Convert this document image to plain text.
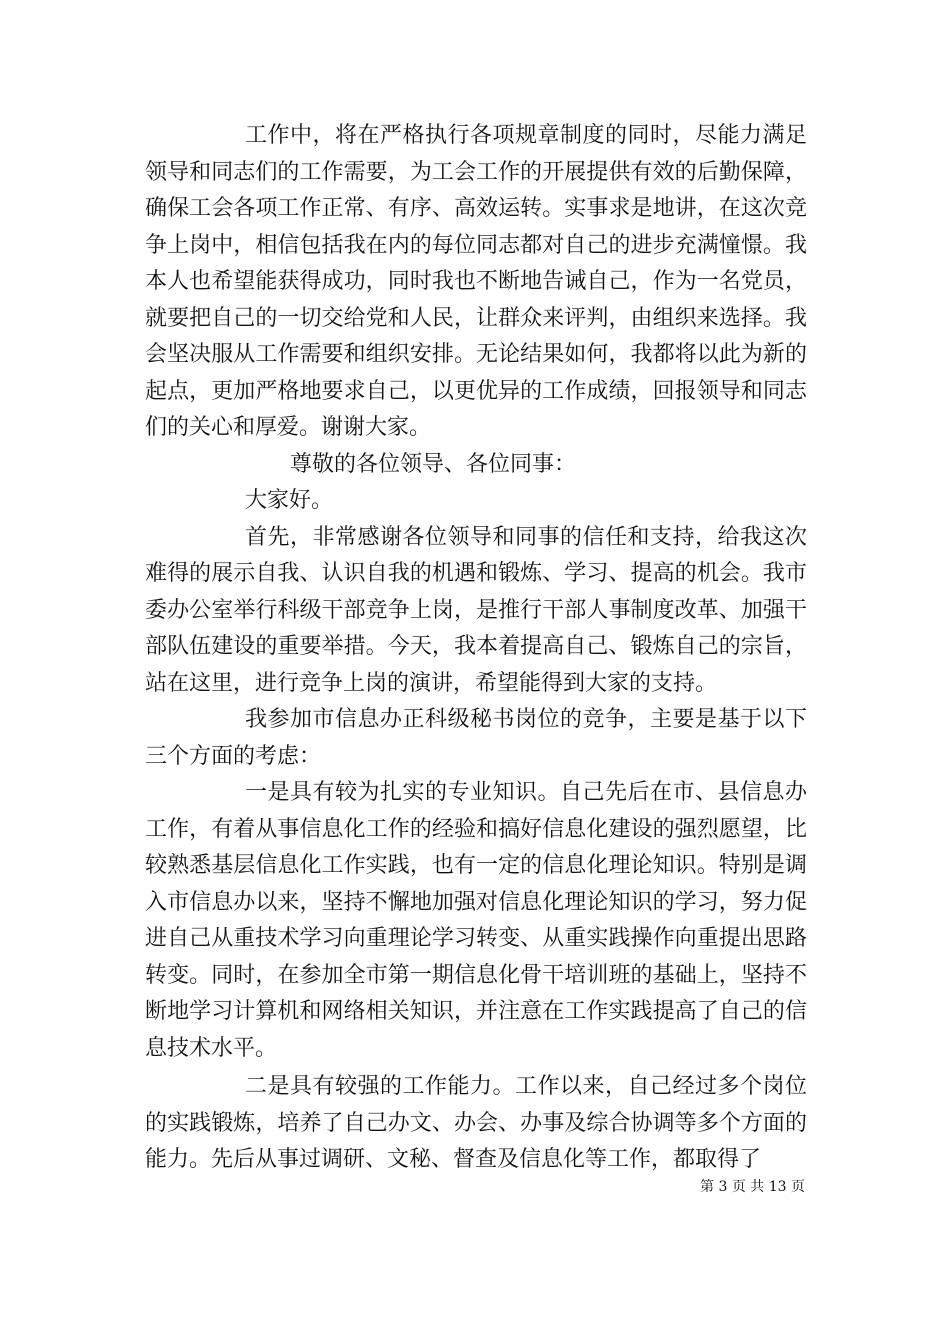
工作中，将在严格执行各项规章制度的同时，尽能力满足领导和同志们的工作需要，为工会工作的开展提供有效的后勤保障，确保工会各项工作正常、有序、高效运转。实事求是地讲，在这次竞争上岗中，相信包括我在内的每位同志都对自己的进步充满憧憬。我本人也希望能获得成功，同时我也不断地告诫自己，作为一名党员，就要把自己的一切交给党和人民，让群众来评判，由组织来选择。我会坚决服从工作需要和组织安排。无论结果如何，我都将以此为新的起点，更加严格地要求自己，以更优异的工作成绩，回报领导和同志们的关心和厚爱。谢谢大家。

尊敬的各位领导、各位同事：

大家好。

首先，非常感谢各位领导和同事的信任和支持，给我这次难得的展示自我、认识自我的机遇和锻炼、学习、提高的机会。我市委办公室举行科级干部竞争上岗，是推行干部人事制度改革、加强干部队伍建设的重要举措。今天，我本着提高自己、锻炼自己的宗旨，站在这里，进行竞争上岗的演讲，希望能得到大家的支持。

我参加市信息办正科级秘书岗位的竞争，主要是基于以下三个方面的考虑：

一是具有较为扎实的专业知识。自己先后在市、县信息办工作，有着从事信息化工作的经验和搞好信息化建设的强烈愿望，比较熟悉基层信息化工作实践，也有一定的信息化理论知识。特别是调入市信息办以来，坚持不懈地加强对信息化理论知识的学习，努力促进自己从重技术学习向重理论学习转变、从重实践操作向重提出思路转变。同时，在参加全市第一期信息化骨干培训班的基础上，坚持不断地学习计算机和网络相关知识，并注意在工作实践提高了自己的信息技术水平。

二是具有较强的工作能力。工作以来，自己经过多个岗位的实践锻炼，培养了自己办文、办会、办事及综合协调等多个方面的能力。先后从事过调研、文秘、督查及信息化等工作，都取得了

第 3 页 共 13 页
